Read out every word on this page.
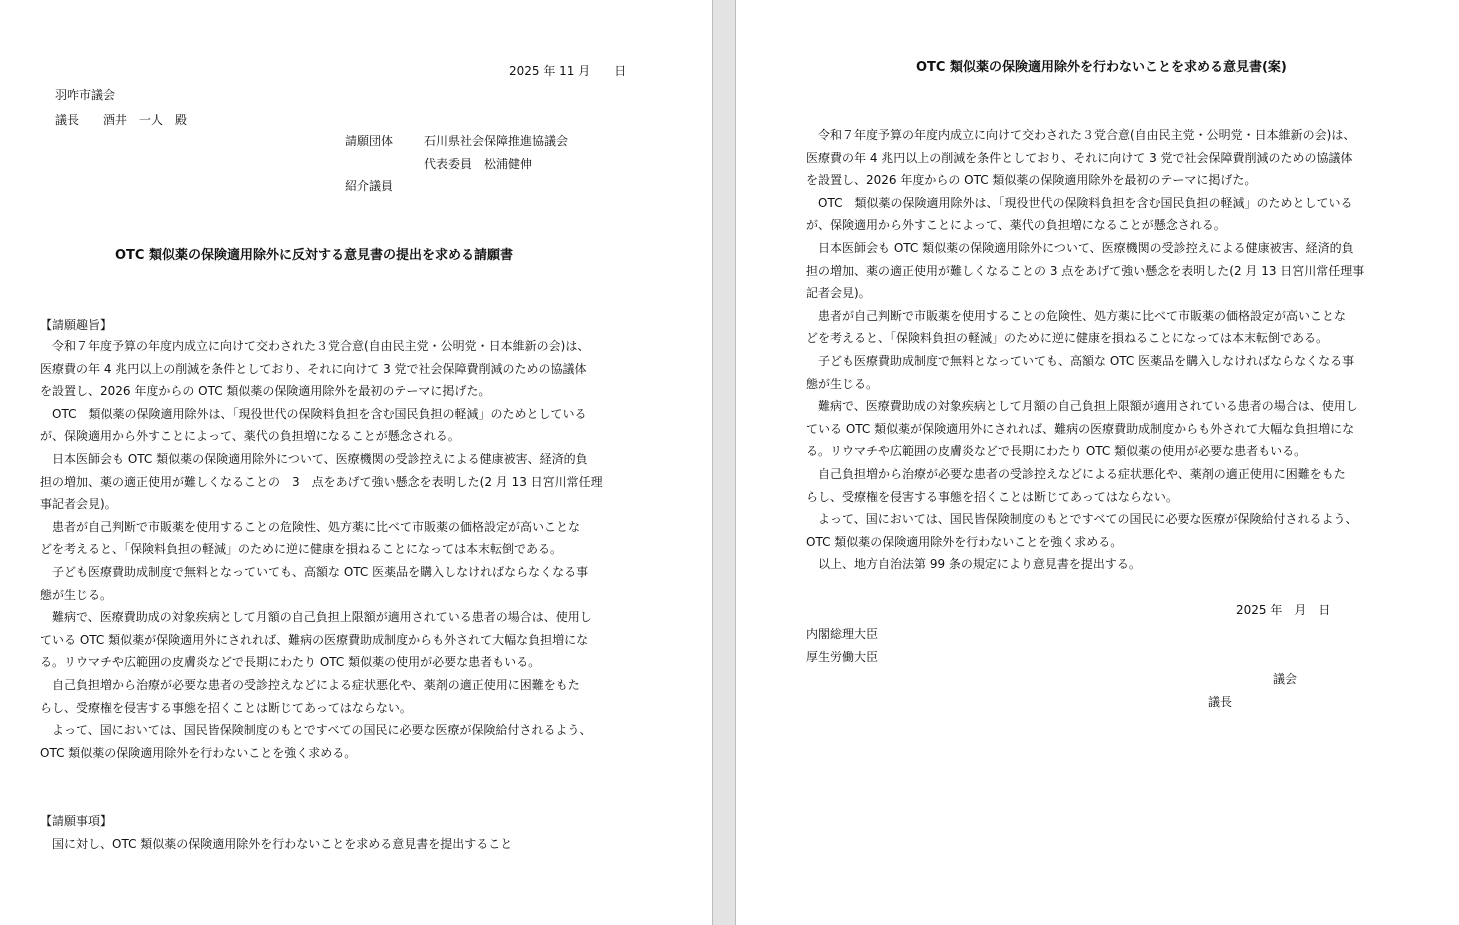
2025 年 11 月　　日
羽咋市議会
議長　　酒井　一人　殿
請願団体	石川県社会保障推進協議会
代表委員　松浦健伸
紹介議員
OTC 類似薬の保険適用除外に反対する意見書の提出を求める請願書
【請願趣旨】
　令和７年度予算の年度内成立に向けて交わされた３党合意(自由民主党・公明党・日本維新の会)は、
医療費の年 4 兆円以上の削減を条件としており、それに向けて 3 党で社会保障費削減のための協議体
を設置し、2026 年度からの OTC 類似薬の保険適用除外を最初のテーマに掲げた。
　OTC　類似薬の保険適用除外は、「現役世代の保険料負担を含む国民負担の軽減」のためとしている
が、保険適用から外すことによって、薬代の負担増になることが懸念される。
　日本医師会も OTC 類似薬の保険適用除外について、医療機関の受診控えによる健康被害、経済的負
担の増加、薬の適正使用が難しくなることの　3　点をあげて強い懸念を表明した(2 月 13 日宮川常任理
事記者会見)。
　患者が自己判断で市販薬を使用することの危険性、処方薬に比べて市販薬の価格設定が高いことな
どを考えると、「保険料負担の軽減」のために逆に健康を損ねることになっては本末転倒である。
　子ども医療費助成制度で無料となっていても、高額な OTC 医薬品を購入しなければならなくなる事
態が生じる。
　難病で、医療費助成の対象疾病として月額の自己負担上限額が適用されている患者の場合は、使用し
ている OTC 類似薬が保険適用外にされれば、難病の医療費助成制度からも外されて大幅な負担増にな
る。リウマチや広範囲の皮膚炎などで長期にわたり OTC 類似薬の使用が必要な患者もいる。
　自己負担増から治療が必要な患者の受診控えなどによる症状悪化や、薬剤の適正使用に困難をもた
らし、受療権を侵害する事態を招くことは断じてあってはならない。
　よって、国においては、国民皆保険制度のもとですべての国民に必要な医療が保険給付されるよう、
OTC 類似薬の保険適用除外を行わないことを強く求める。
【請願事項】
　国に対し、OTC 類似薬の保険適用除外を行わないことを求める意見書を提出すること
OTC 類似薬の保険適用除外を行わないことを求める意見書(案)
　令和７年度予算の年度内成立に向けて交わされた３党合意(自由民主党・公明党・日本維新の会)は、
医療費の年 4 兆円以上の削減を条件としており、それに向けて 3 党で社会保障費削減のための協議体
を設置し、2026 年度からの OTC 類似薬の保険適用除外を最初のテーマに掲げた。
　OTC　類似薬の保険適用除外は、「現役世代の保険料負担を含む国民負担の軽減」のためとしている
が、保険適用から外すことによって、薬代の負担増になることが懸念される。
　日本医師会も OTC 類似薬の保険適用除外について、医療機関の受診控えによる健康被害、経済的負
担の増加、薬の適正使用が難しくなることの 3 点をあげて強い懸念を表明した(2 月 13 日宮川常任理事
記者会見)。
　患者が自己判断で市販薬を使用することの危険性、処方薬に比べて市販薬の価格設定が高いことな
どを考えると、「保険料負担の軽減」のために逆に健康を損ねることになっては本末転倒である。
　子ども医療費助成制度で無料となっていても、高額な OTC 医薬品を購入しなければならなくなる事
態が生じる。
　難病で、医療費助成の対象疾病として月額の自己負担上限額が適用されている患者の場合は、使用し
ている OTC 類似薬が保険適用外にされれば、難病の医療費助成制度からも外されて大幅な負担増にな
る。リウマチや広範囲の皮膚炎などで長期にわたり OTC 類似薬の使用が必要な患者もいる。
　自己負担増から治療が必要な患者の受診控えなどによる症状悪化や、薬剤の適正使用に困難をもた
らし、受療権を侵害する事態を招くことは断じてあってはならない。
　よって、国においては、国民皆保険制度のもとですべての国民に必要な医療が保険給付されるよう、
OTC 類似薬の保険適用除外を行わないことを強く求める。
　以上、地方自治法第 99 条の規定により意見書を提出する。
2025 年　月　日
内閣総理大臣
厚生労働大臣
議会
議長
